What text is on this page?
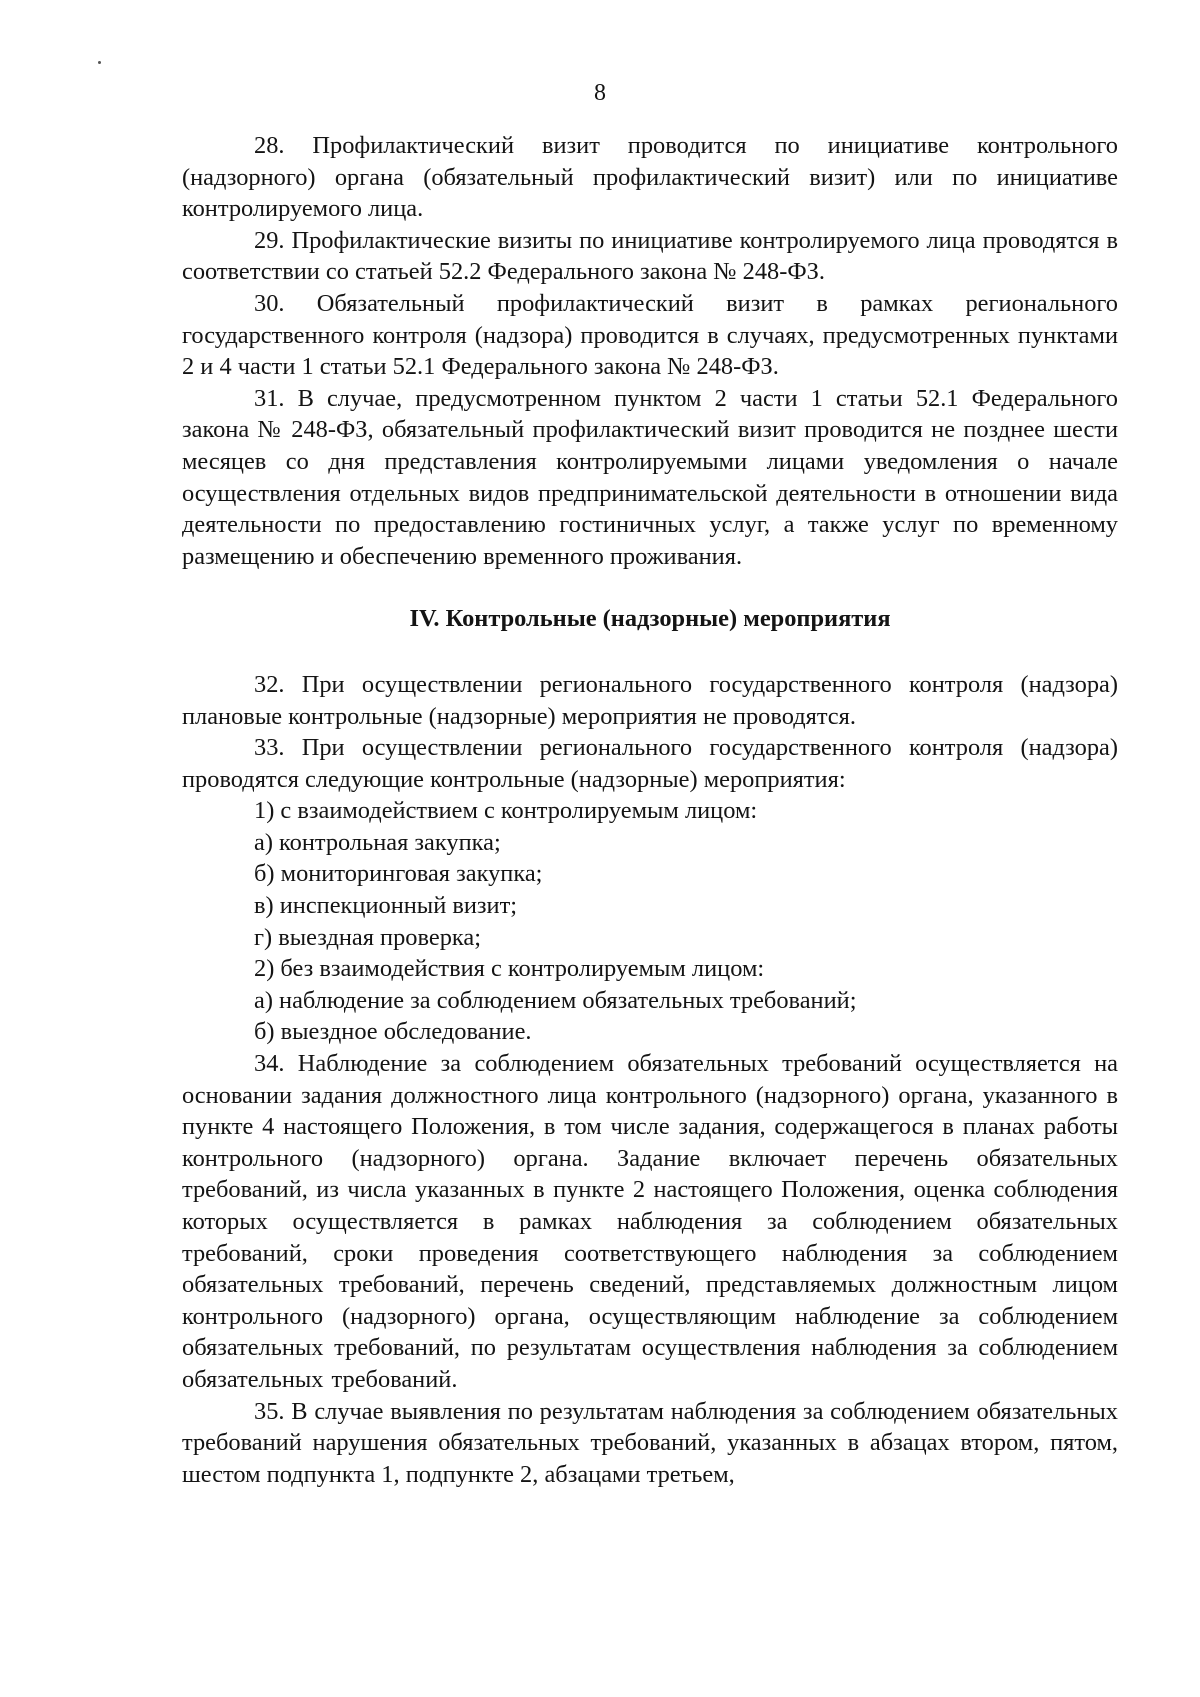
8

28. Профилактический визит проводится по инициативе контрольного (надзорного) органа (обязательный профилактический визит) или по инициативе контролируемого лица.

29. Профилактические визиты по инициативе контролируемого лица проводятся в соответствии со статьей 52.2 Федерального закона № 248-ФЗ.

30. Обязательный профилактический визит в рамках регионального государственного контроля (надзора) проводится в случаях, предусмотренных пунктами 2 и 4 части 1 статьи 52.1 Федерального закона № 248-ФЗ.

31. В случае, предусмотренном пунктом 2 части 1 статьи 52.1 Федерального закона № 248-ФЗ, обязательный профилактический визит проводится не позднее шести месяцев со дня представления контролируемыми лицами уведомления о начале осуществления отдельных видов предпринимательской деятельности в отношении вида деятельности по предоставлению гостиничных услуг, а также услуг по временному размещению и обеспечению временного проживания.

IV. Контрольные (надзорные) мероприятия

32. При осуществлении регионального государственного контроля (надзора) плановые контрольные (надзорные) мероприятия не проводятся.

33. При осуществлении регионального государственного контроля (надзора) проводятся следующие контрольные (надзорные) мероприятия:

1) с взаимодействием с контролируемым лицом:

а) контрольная закупка;

б) мониторинговая закупка;

в) инспекционный визит;

г) выездная проверка;

2) без взаимодействия с контролируемым лицом:

а) наблюдение за соблюдением обязательных требований;

б) выездное обследование.

34. Наблюдение за соблюдением обязательных требований осуществляется на основании задания должностного лица контрольного (надзорного) органа, указанного в пункте 4 настоящего Положения, в том числе задания, содержащегося в планах работы контрольного (надзорного) органа. Задание включает перечень обязательных требований, из числа указанных в пункте 2 настоящего Положения, оценка соблюдения которых осуществляется в рамках наблюдения за соблюдением обязательных требований, сроки проведения соответствующего наблюдения за соблюдением обязательных требований, перечень сведений, представляемых должностным лицом контрольного (надзорного) органа, осуществляющим наблюдение за соблюдением обязательных требований, по результатам осуществления наблюдения за соблюдением обязательных требований.

35. В случае выявления по результатам наблюдения за соблюдением обязательных требований нарушения обязательных требований, указанных в абзацах втором, пятом, шестом подпункта 1, подпункте 2, абзацами третьем,
